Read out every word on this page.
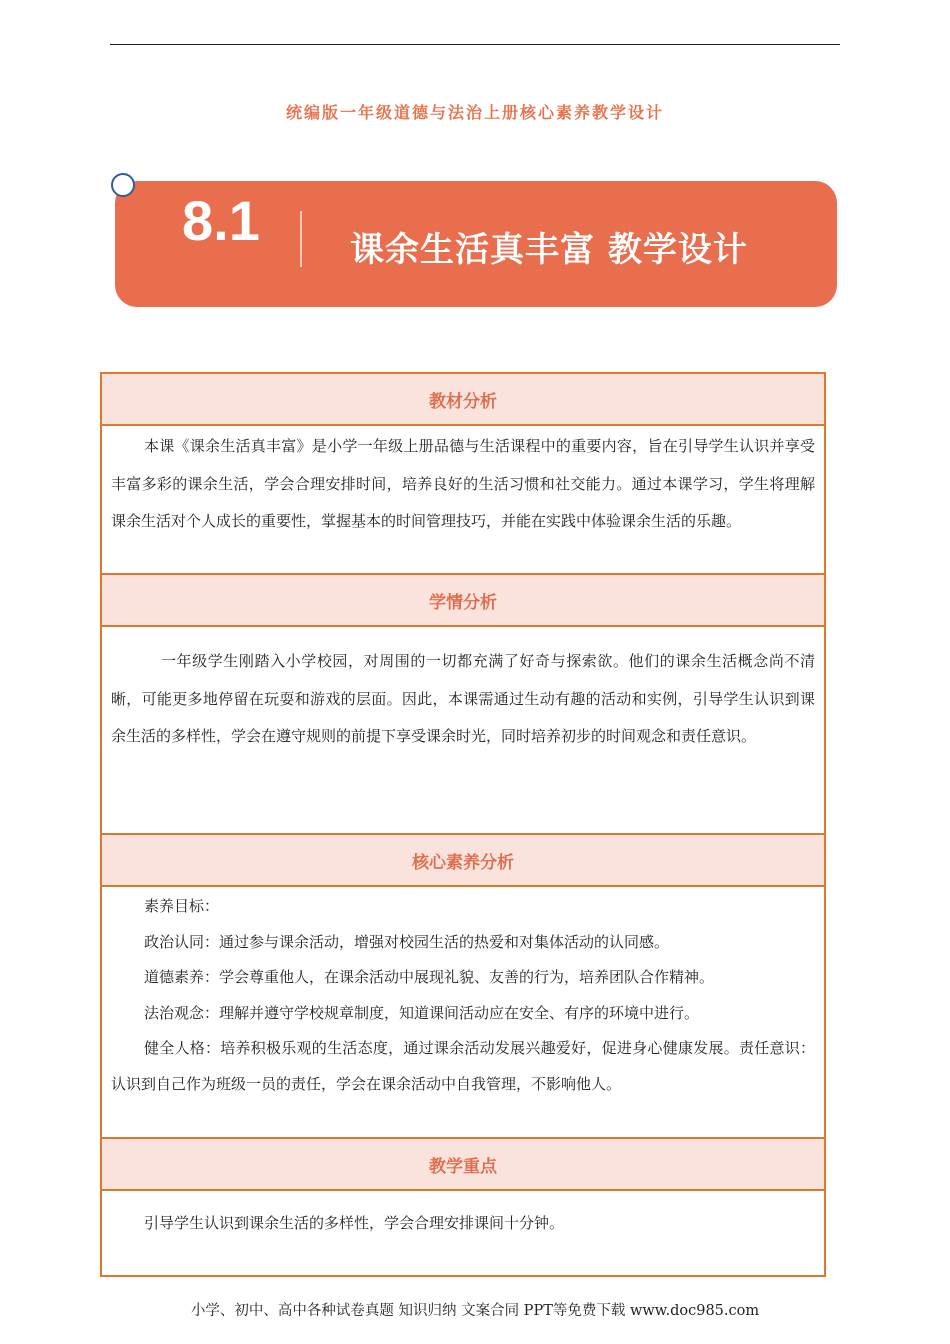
统编版一年级道德与法治上册核心素养教学设计
8.1	课余生活真丰富 教学设计
教材分析

本课《课余生活真丰富》是小学一年级上册品德与生活课程中的重要内容，旨在引导学生认识并享受丰富多彩的课余生活，学会合理安排时间，培养良好的生活习惯和社交能力。通过本课学习，学生将理解课余生活对个人成长的重要性，掌握基本的时间管理技巧，并能在实践中体验课余生活的乐趣。

学情分析

一年级学生刚踏入小学校园，对周围的一切都充满了好奇与探索欲。他们的课余生活概念尚不清晰，可能更多地停留在玩耍和游戏的层面。因此，本课需通过生动有趣的活动和实例，引导学生认识到课余生活的多样性，学会在遵守规则的前提下享受课余时光，同时培养初步的时间观念和责任意识。

核心素养分析

素养目标：

政治认同：通过参与课余活动，增强对校园生活的热爱和对集体活动的认同感。

道德素养：学会尊重他人，在课余活动中展现礼貌、友善的行为，培养团队合作精神。

法治观念：理解并遵守学校规章制度，知道课间活动应在安全、有序的环境中进行。

健全人格：培养积极乐观的生活态度，通过课余活动发展兴趣爱好，促进身心健康发展。责任意识：认识到自己作为班级一员的责任，学会在课余活动中自我管理，不影响他人。

教学重点

引导学生认识到课余生活的多样性，学会合理安排课间十分钟。

小学、初中、高中各种试卷真题 知识归纳 文案合同 PPT等免费下载 www.doc985.com
